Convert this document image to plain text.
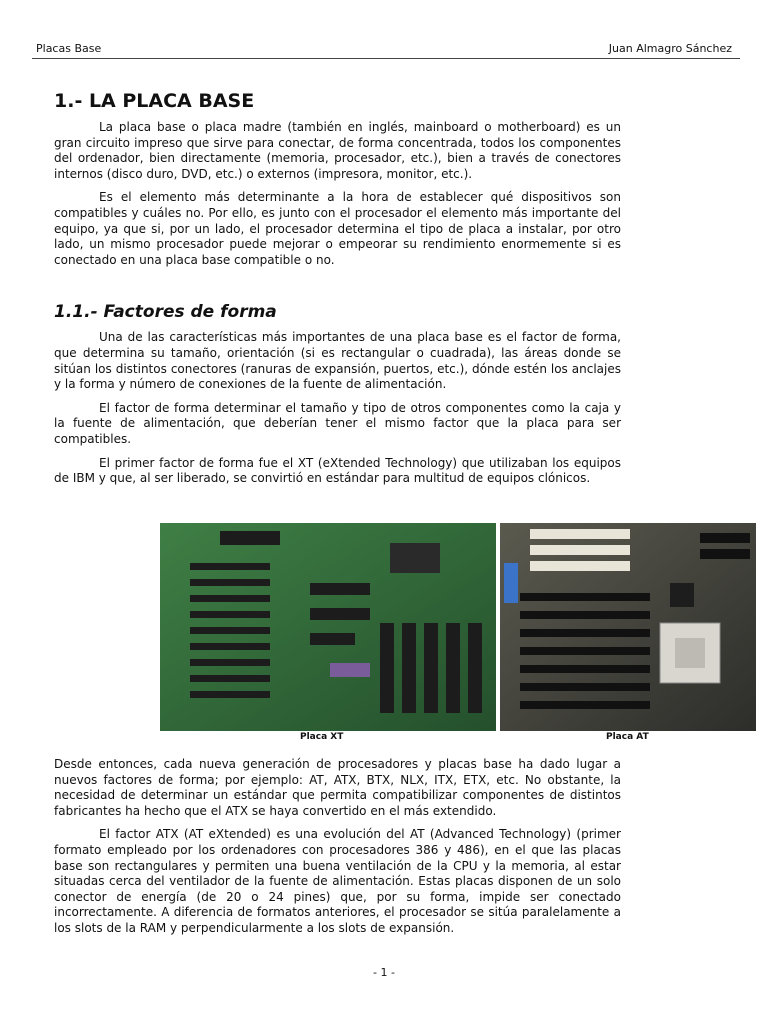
Placas Base	Juan Almagro Sánchez
1.- LA PLACA BASE

La placa base o placa madre (también en inglés, mainboard o motherboard) es un gran circuito impreso que sirve para conectar, de forma concentrada, todos los componentes del ordenador, bien directamente (memoria, procesador, etc.), bien a través de conectores internos (disco duro, DVD, etc.) o externos (impresora, monitor, etc.).

Es el elemento más determinante a la hora de establecer qué dispositivos son compatibles y cuáles no. Por ello, es junto con el procesador el elemento más importante del equipo, ya que si, por un lado, el procesador determina el tipo de placa a instalar, por otro lado, un mismo procesador puede mejorar o empeorar su rendimiento enormemente si es conectado en una placa base compatible o no.

1.1.- Factores de forma

Una de las características más importantes de una placa base es el factor de forma, que determina su tamaño, orientación (si es rectangular o cuadrada), las áreas donde se sitúan los distintos conectores (ranuras de expansión, puertos, etc.), dónde estén los anclajes y la forma y número de conexiones de la fuente de alimentación.

El factor de forma determinar el tamaño y tipo de otros componentes como la caja y la fuente de alimentación, que deberían tener el mismo factor que la placa para ser compatibles.

El primer factor de forma fue el XT (eXtended Technology) que utilizaban los equipos de IBM y que, al ser liberado, se convirtió en estándar para multitud de equipos clónicos.

Placa XT	Placa AT

Desde entonces, cada nueva generación de procesadores y placas base ha dado lugar a nuevos factores de forma; por ejemplo: AT, ATX, BTX, NLX, ITX, ETX, etc. No obstante, la necesidad de determinar un estándar que permita compatibilizar componentes de distintos fabricantes ha hecho que el ATX se haya convertido en el más extendido.

El factor ATX (AT eXtended) es una evolución del AT (Advanced Technology) (primer formato empleado por los ordenadores con procesadores 386 y 486), en el que las placas base son rectangulares y permiten una buena ventilación de la CPU y la memoria, al estar situadas cerca del ventilador de la fuente de alimentación. Estas placas disponen de un solo conector de energía (de 20 o 24 pines) que, por su forma, impide ser conectado incorrectamente. A diferencia de formatos anteriores, el procesador se sitúa paralelamente a los slots de la RAM y perpendicularmente a los slots de expansión.

- 1 -
